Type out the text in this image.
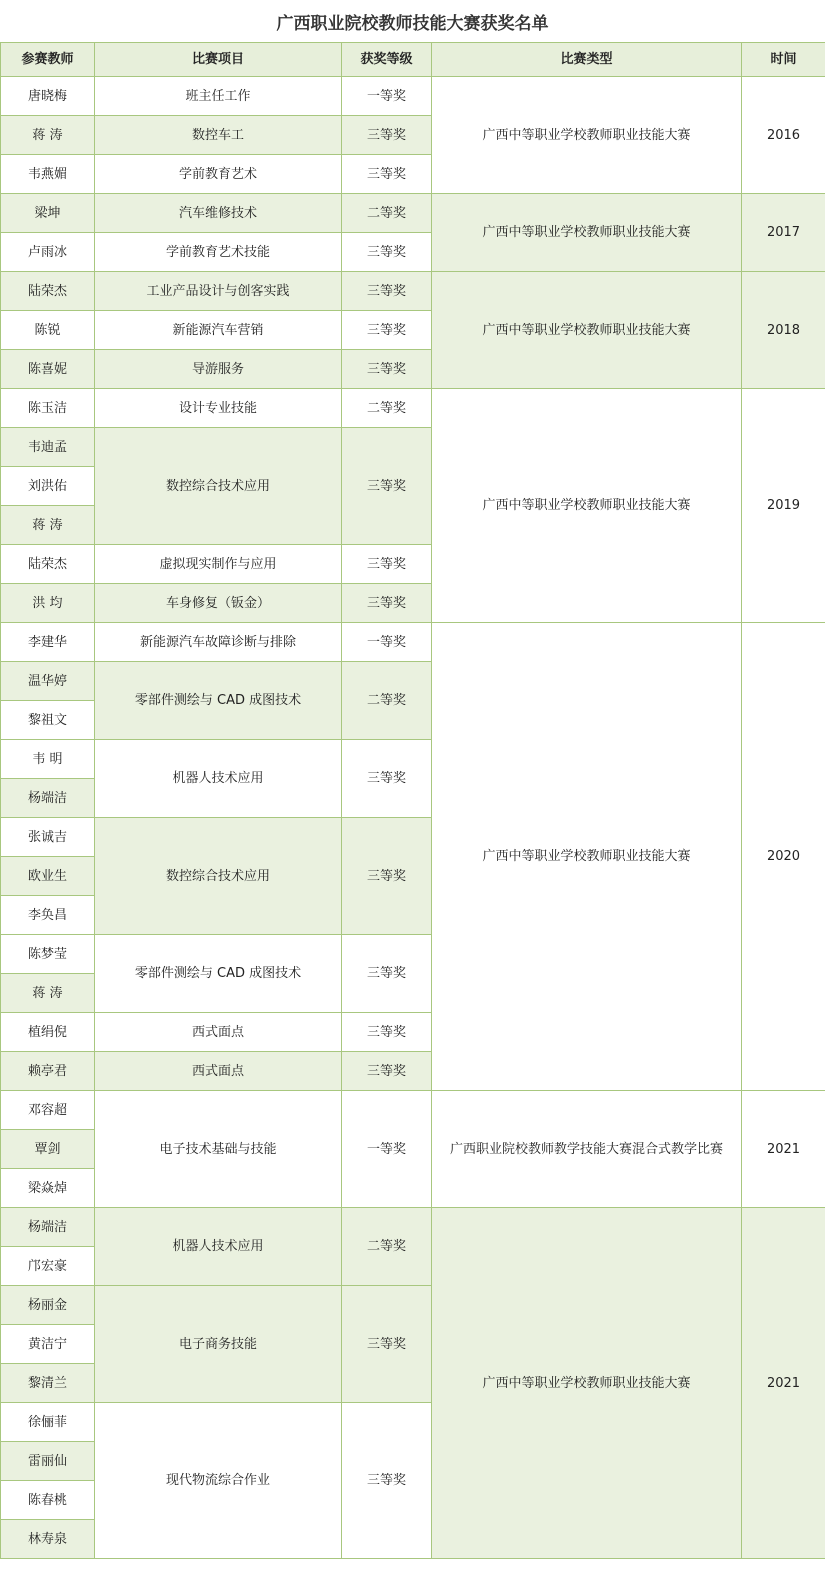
广西职业院校教师技能大赛获奖名单
参赛教师	比赛项目	获奖等级	比赛类型	时间
唐晓梅	班主任工作	一等奖	广西中等职业学校教师职业技能大赛	2016
蒋 涛	数控车工	三等奖		
韦燕媚	学前教育艺术	三等奖		
梁坤	汽车维修技术	二等奖	广西中等职业学校教师职业技能大赛	2017
卢雨冰	学前教育艺术技能	三等奖		
陆荣杰	工业产品设计与创客实践	三等奖	广西中等职业学校教师职业技能大赛	2018
陈锐	新能源汽车营销	三等奖		
陈喜妮	导游服务	三等奖		
陈玉洁	设计专业技能	二等奖	广西中等职业学校教师职业技能大赛	2019
韦迪孟	数控综合技术应用	三等奖		
刘洪佑				
蒋 涛				
陆荣杰	虚拟现实制作与应用	三等奖		
洪 均	车身修复（钣金）	三等奖		
李建华	新能源汽车故障诊断与排除	一等奖	广西中等职业学校教师职业技能大赛	2020
温华婷	零部件测绘与 CAD 成图技术	二等奖		
黎祖文				
韦 明	机器人技术应用	三等奖		
杨端洁				
张诚吉	数控综合技术应用	三等奖		
欧业生				
李奂昌				
陈梦莹	零部件测绘与 CAD 成图技术	三等奖		
蒋 涛				
植绢倪	西式面点	三等奖		
赖亭君	西式面点	三等奖		
邓容超	电子技术基础与技能	一等奖	广西职业院校教师教学技能大赛混合式教学比赛	2021
覃剑				
梁焱焯				
杨端洁	机器人技术应用	二等奖	广西中等职业学校教师职业技能大赛	2021
邝宏豪				
杨丽金	电子商务技能	三等奖		
黄洁宁				
黎清兰				
徐俪菲	现代物流综合作业	三等奖		
雷丽仙				
陈春桃				
林寿泉				
